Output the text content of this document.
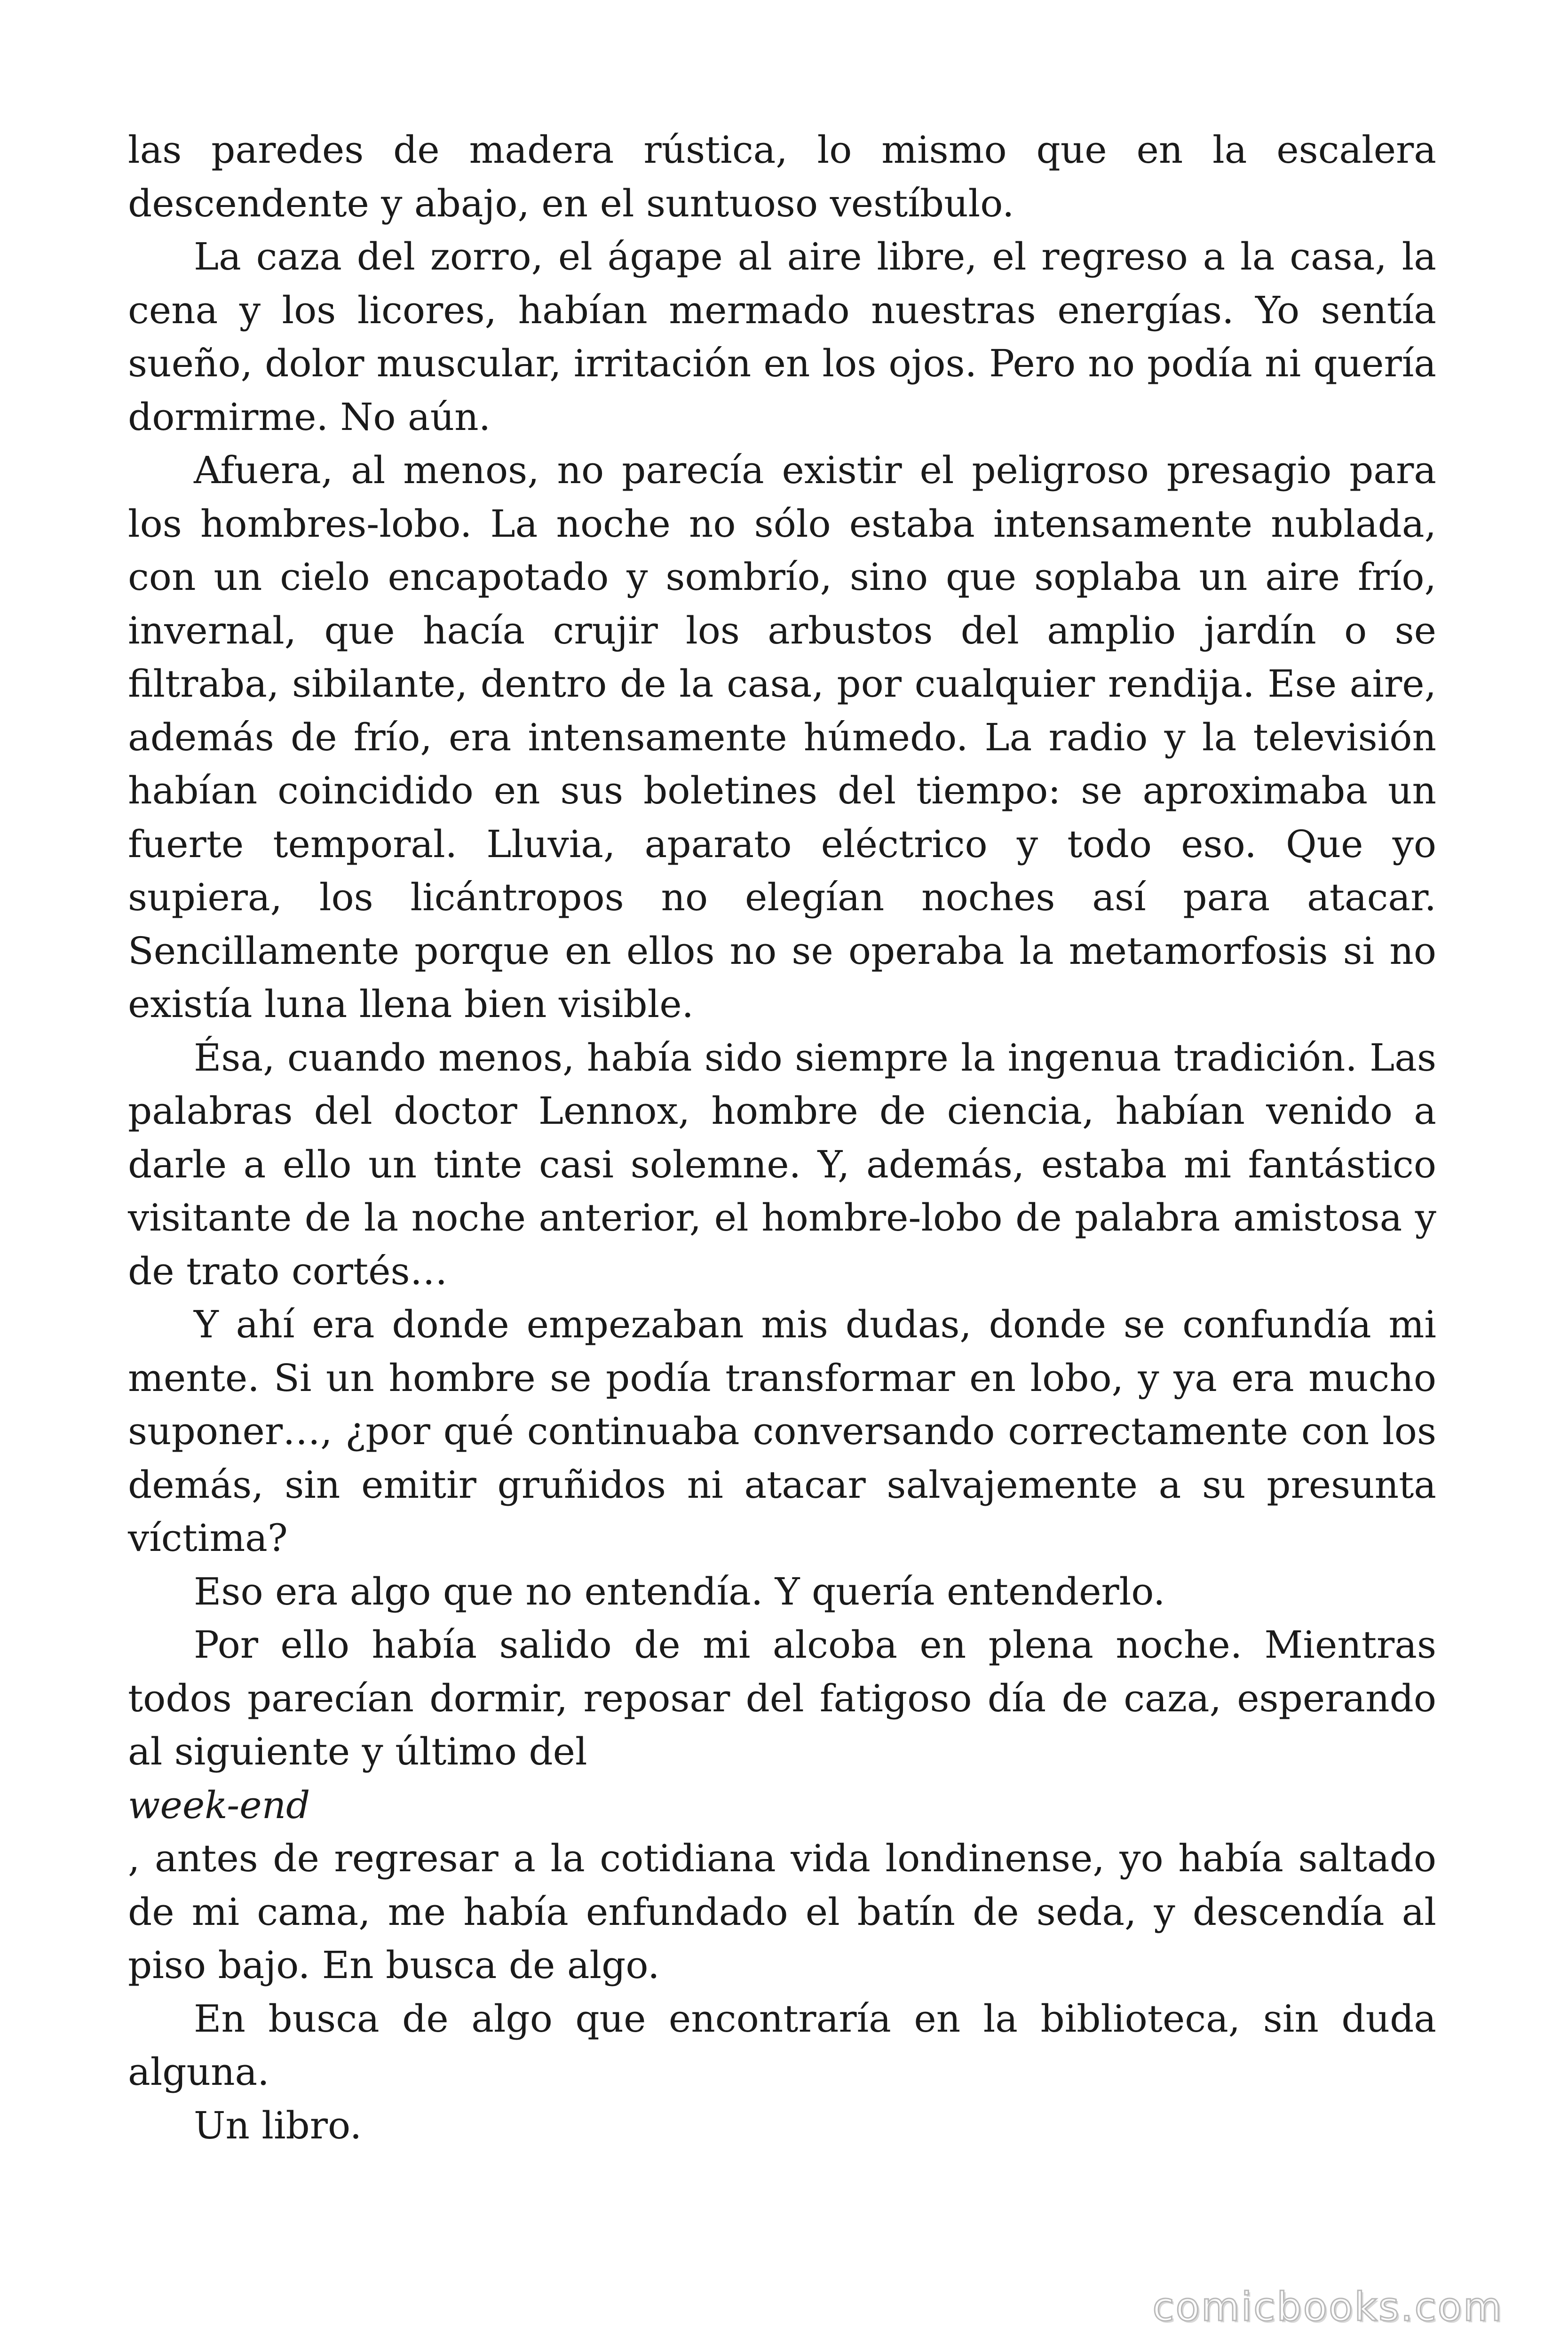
las paredes de madera rústica, lo mismo que en la escalera descendente y abajo, en el suntuoso vestíbulo.

La caza del zorro, el ágape al aire libre, el regreso a la casa, la cena y los licores, habían mermado nuestras energías. Yo sentía sueño, dolor muscular, irritación en los ojos. Pero no podía ni quería dormirme. No aún.

Afuera, al menos, no parecía existir el peligroso presagio para los hombres-lobo. La noche no sólo estaba intensamente nublada, con un cielo encapotado y sombrío, sino que soplaba un aire frío, invernal, que hacía crujir los arbustos del amplio jardín o se filtraba, sibilante, dentro de la casa, por cualquier rendija. Ese aire, además de frío, era intensamente húmedo. La radio y la televisión habían coincidido en sus boletines del tiempo: se aproximaba un fuerte temporal. Lluvia, aparato eléctrico y todo eso. Que yo supiera, los licántropos no elegían noches así para atacar. Sencillamente porque en ellos no se operaba la metamorfosis si no existía luna llena bien visible.

Ésa, cuando menos, había sido siempre la ingenua tradición. Las palabras del doctor Lennox, hombre de ciencia, habían venido a darle a ello un tinte casi solemne. Y, además, estaba mi fantástico visitante de la noche anterior, el hombre-lobo de palabra amistosa y de trato cortés…

Y ahí era donde empezaban mis dudas, donde se confundía mi mente. Si un hombre se podía transformar en lobo, y ya era mucho suponer…, ¿por qué continuaba conversando correctamente con los demás, sin emitir gruñidos ni atacar salvajemente a su presunta víctima?

Eso era algo que no entendía. Y quería entenderlo.

Por ello había salido de mi alcoba en plena noche. Mientras todos parecían dormir, reposar del fatigoso día de caza, esperando al siguiente y último del

week-end

, antes de regresar a la cotidiana vida londinense, yo había saltado de mi cama, me había enfundado el batín de seda, y descendía al piso bajo. En busca de algo.

En busca de algo que encontraría en la biblioteca, sin duda alguna.

Un libro.

comicbooks.com
